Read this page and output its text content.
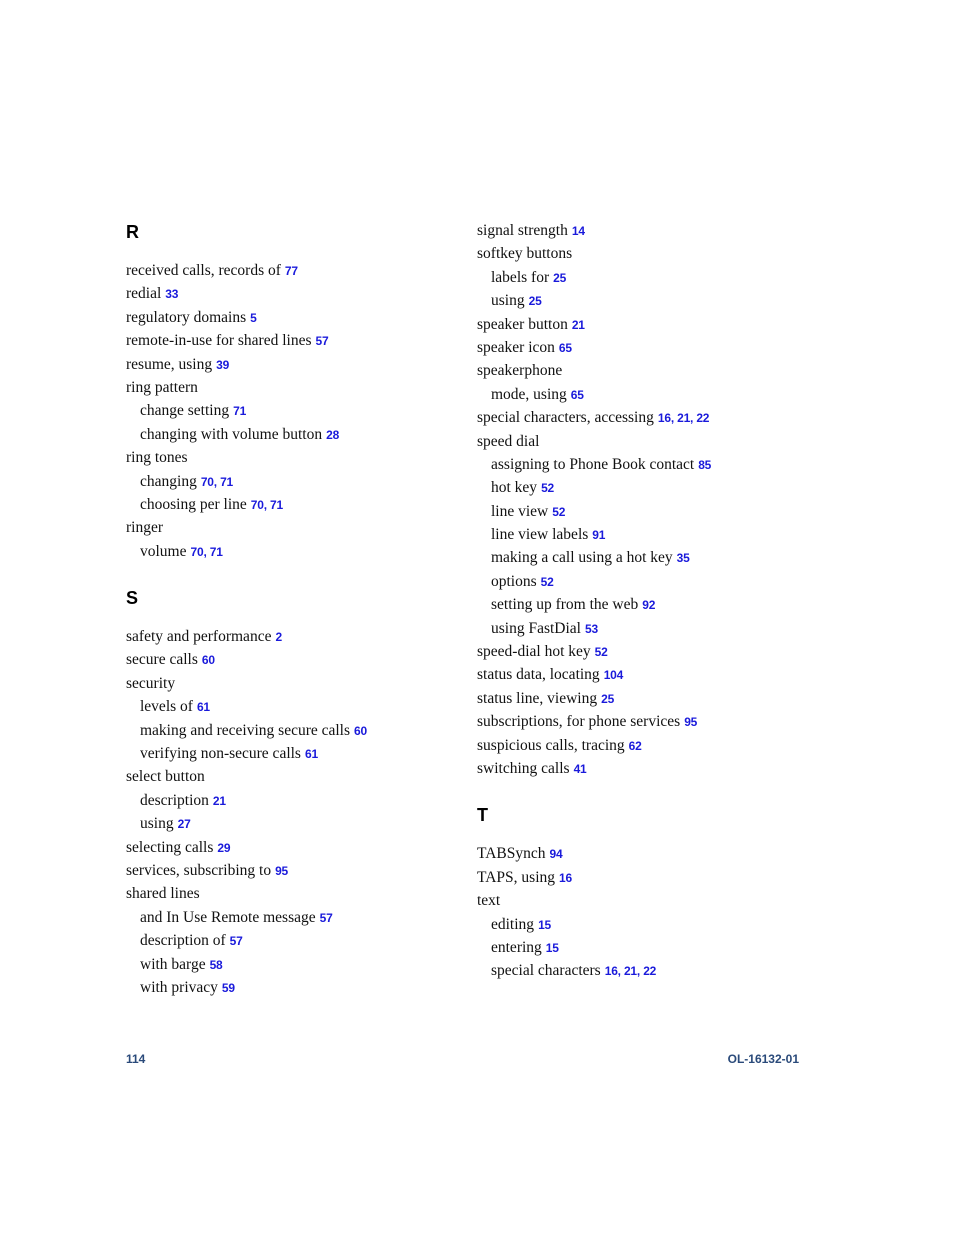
R
received calls, records of 77
redial 33
regulatory domains 5
remote-in-use for shared lines 57
resume, using 39
ring pattern
change setting 71
changing with volume button 28
ring tones
changing 70, 71
choosing per line 70, 71
ringer
volume 70, 71
S
safety and performance 2
secure calls 60
security
levels of 61
making and receiving secure calls 60
verifying non-secure calls 61
select button
description 21
using 27
selecting calls 29
services, subscribing to 95
shared lines
and In Use Remote message 57
description of 57
with barge 58
with privacy 59
signal strength 14
softkey buttons
labels for 25
using 25
speaker button 21
speaker icon 65
speakerphone
mode, using 65
special characters, accessing 16, 21, 22
speed dial
assigning to Phone Book contact 85
hot key 52
line view 52
line view labels 91
making a call using a hot key 35
options 52
setting up from the web 92
using FastDial 53
speed-dial hot key 52
status data, locating 104
status line, viewing 25
subscriptions, for phone services 95
suspicious calls, tracing 62
switching calls 41
T
TABSynch 94
TAPS, using 16
text
editing 15
entering 15
special characters 16, 21, 22
114	OL-16132-01
